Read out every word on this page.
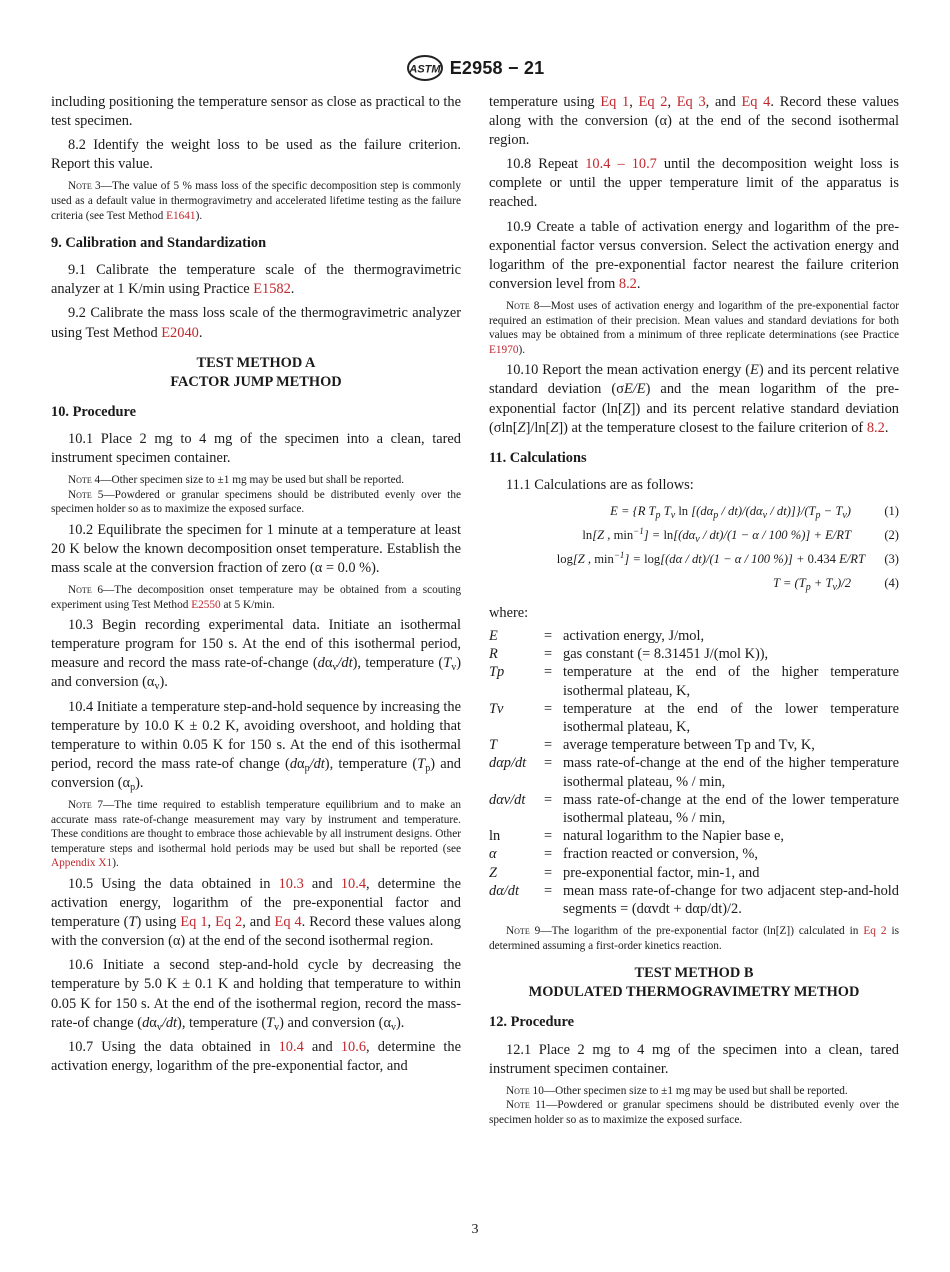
ASTM E2958 − 21

including positioning the temperature sensor as close as practical to the test specimen.

8.2 Identify the weight loss to be used as the failure criterion. Report this value.

Note 3—The value of 5 % mass loss of the specific decomposition step is commonly used as a default value in thermogravimetry and accelerated lifetime testing as the failure criteria (see Test Method E1641).

9. Calibration and Standardization

9.1 Calibrate the temperature scale of the thermogravimetric analyzer at 1 K/min using Practice E1582.

9.2 Calibrate the mass loss scale of the thermogravimetric analyzer using Test Method E2040.

TEST METHOD A
FACTOR JUMP METHOD
10. Procedure

10.1 Place 2 mg to 4 mg of the specimen into a clean, tared instrument specimen container.

Note 4—Other specimen size to ±1 mg may be used but shall be reported.

Note 5—Powdered or granular specimens should be distributed evenly over the specimen holder so as to maximize the exposed surface.

10.2 Equilibrate the specimen for 1 minute at a temperature at least 20 K below the known decomposition onset temperature. Establish the mass scale at the conversion fraction of zero (α = 0.0 %).

Note 6—The decomposition onset temperature may be obtained from a scouting experiment using Test Method E2550 at 5 K/min.

10.3 Begin recording experimental data. Initiate an isothermal temperature program for 150 s. At the end of this isothermal period, measure and record the mass rate-of-change $(d\alpha_v/dt)$, temperature $(T_v)$ and conversion $(\alpha_v)$.

10.4 Initiate a temperature step-and-hold sequence by increasing the temperature by 10.0 K ± 0.2 K, avoiding overshoot, and holding that temperature to within 0.05 K for 150 s. At the end of this isothermal period, record the mass rate-of change $(d\alpha_p/dt)$, temperature $(T_p)$ and conversion $(\alpha_p)$.

Note 7—The time required to establish temperature equilibrium and to make an accurate mass rate-of-change measurement may vary by instrument and temperature. These conditions are thought to embrace those achievable by all instrument designs. Other temperature steps and isothermal hold periods may be used but shall be reported (see Appendix X1).

10.5 Using the data obtained in 10.3 and 10.4, determine the activation energy, logarithm of the pre-exponential factor and temperature (T) using Eq 1, Eq 2, and Eq 4. Record these values along with the conversion (α) at the end of the second isothermal region.

10.6 Initiate a second step-and-hold cycle by decreasing the temperature by 5.0 K ± 0.1 K and holding that temperature to within 0.05 K for 150 s. At the end of the isothermal region, record the mass-rate-of change $(d\alpha_v/dt)$, temperature $(T_v)$ and conversion $(\alpha_v)$.

10.7 Using the data obtained in 10.4 and 10.6, determine the activation energy, logarithm of the pre-exponential factor, and

temperature using Eq 1, Eq 2, Eq 3, and Eq 4. Record these values along with the conversion (α) at the end of the second isothermal region.

10.8 Repeat 10.4 – 10.7 until the decomposition weight loss is complete or until the upper temperature limit of the apparatus is reached.

10.9 Create a table of activation energy and logarithm of the pre-exponential factor versus conversion. Select the activation energy and logarithm of the pre-exponential factor nearest the failure criterion conversion level from 8.2.

Note 8—Most uses of activation energy and logarithm of the pre-exponential factor required an estimation of their precision. Mean values and standard deviations for both values may be obtained from a minimum of three replicate determinations (see Practice E1970).

10.10 Report the mean activation energy (E) and its percent relative standard deviation (σE/E) and the mean logarithm of the pre-exponential factor (ln[Z]) and its percent relative standard deviation (σln[Z]/ln[Z]) at the temperature closest to the failure criterion of 8.2.

11. Calculations

11.1 Calculations are as follows:

E = {R $T_p$ $T_v$ $\ln [(d\alpha_p / dt)/(d\alpha_v / dt)]\}/(T_p - T_v)$	(1)
ln[Z , $\min^{-1}] = \ln[(d\alpha_v / dt)/(1 - \alpha / 100$ %)] + E/RT	(2)
log[Z , $\min^{-1}] = \log[(d\alpha / dt)/(1 - \alpha / 100$ %)] + 0.434 E/RT	(3)
$T = (T_p + T_v)/2$	(4)
where:
E	=	activation energy, J/mol,
R	=	gas constant (= 8.31451 J/(mol K)),
Tp	=	temperature at the end of the higher temperature isothermal plateau, K,
Tv	=	temperature at the end of the lower temperature isothermal plateau, K,
T	=	average temperature between Tp and Tv, K,
dαp/dt	=	mass rate-of-change at the end of the higher temperature isothermal plateau, % / min,
dαv/dt	=	mass rate-of-change at the end of the lower temperature isothermal plateau, % / min,
ln	=	natural logarithm to the Napier base e,
α	=	fraction reacted or conversion, %,
Z	=	pre-exponential factor, min-1, and
dα/dt	=	mean mass rate-of-change for two adjacent step-and-hold segments = (dαvdt + dαp/dt)/2.

Note 9—The logarithm of the pre-exponential factor (ln[Z]) calculated in Eq 2 is determined assuming a first-order kinetics reaction.

TEST METHOD B
MODULATED THERMOGRAVIMETRY METHOD
12. Procedure

12.1 Place 2 mg to 4 mg of the specimen into a clean, tared instrument specimen container.

Note 10—Other specimen size to ±1 mg may be used but shall be reported.

Note 11—Powdered or granular specimens should be distributed evenly over the specimen holder so as to maximize the exposed surface.

3
